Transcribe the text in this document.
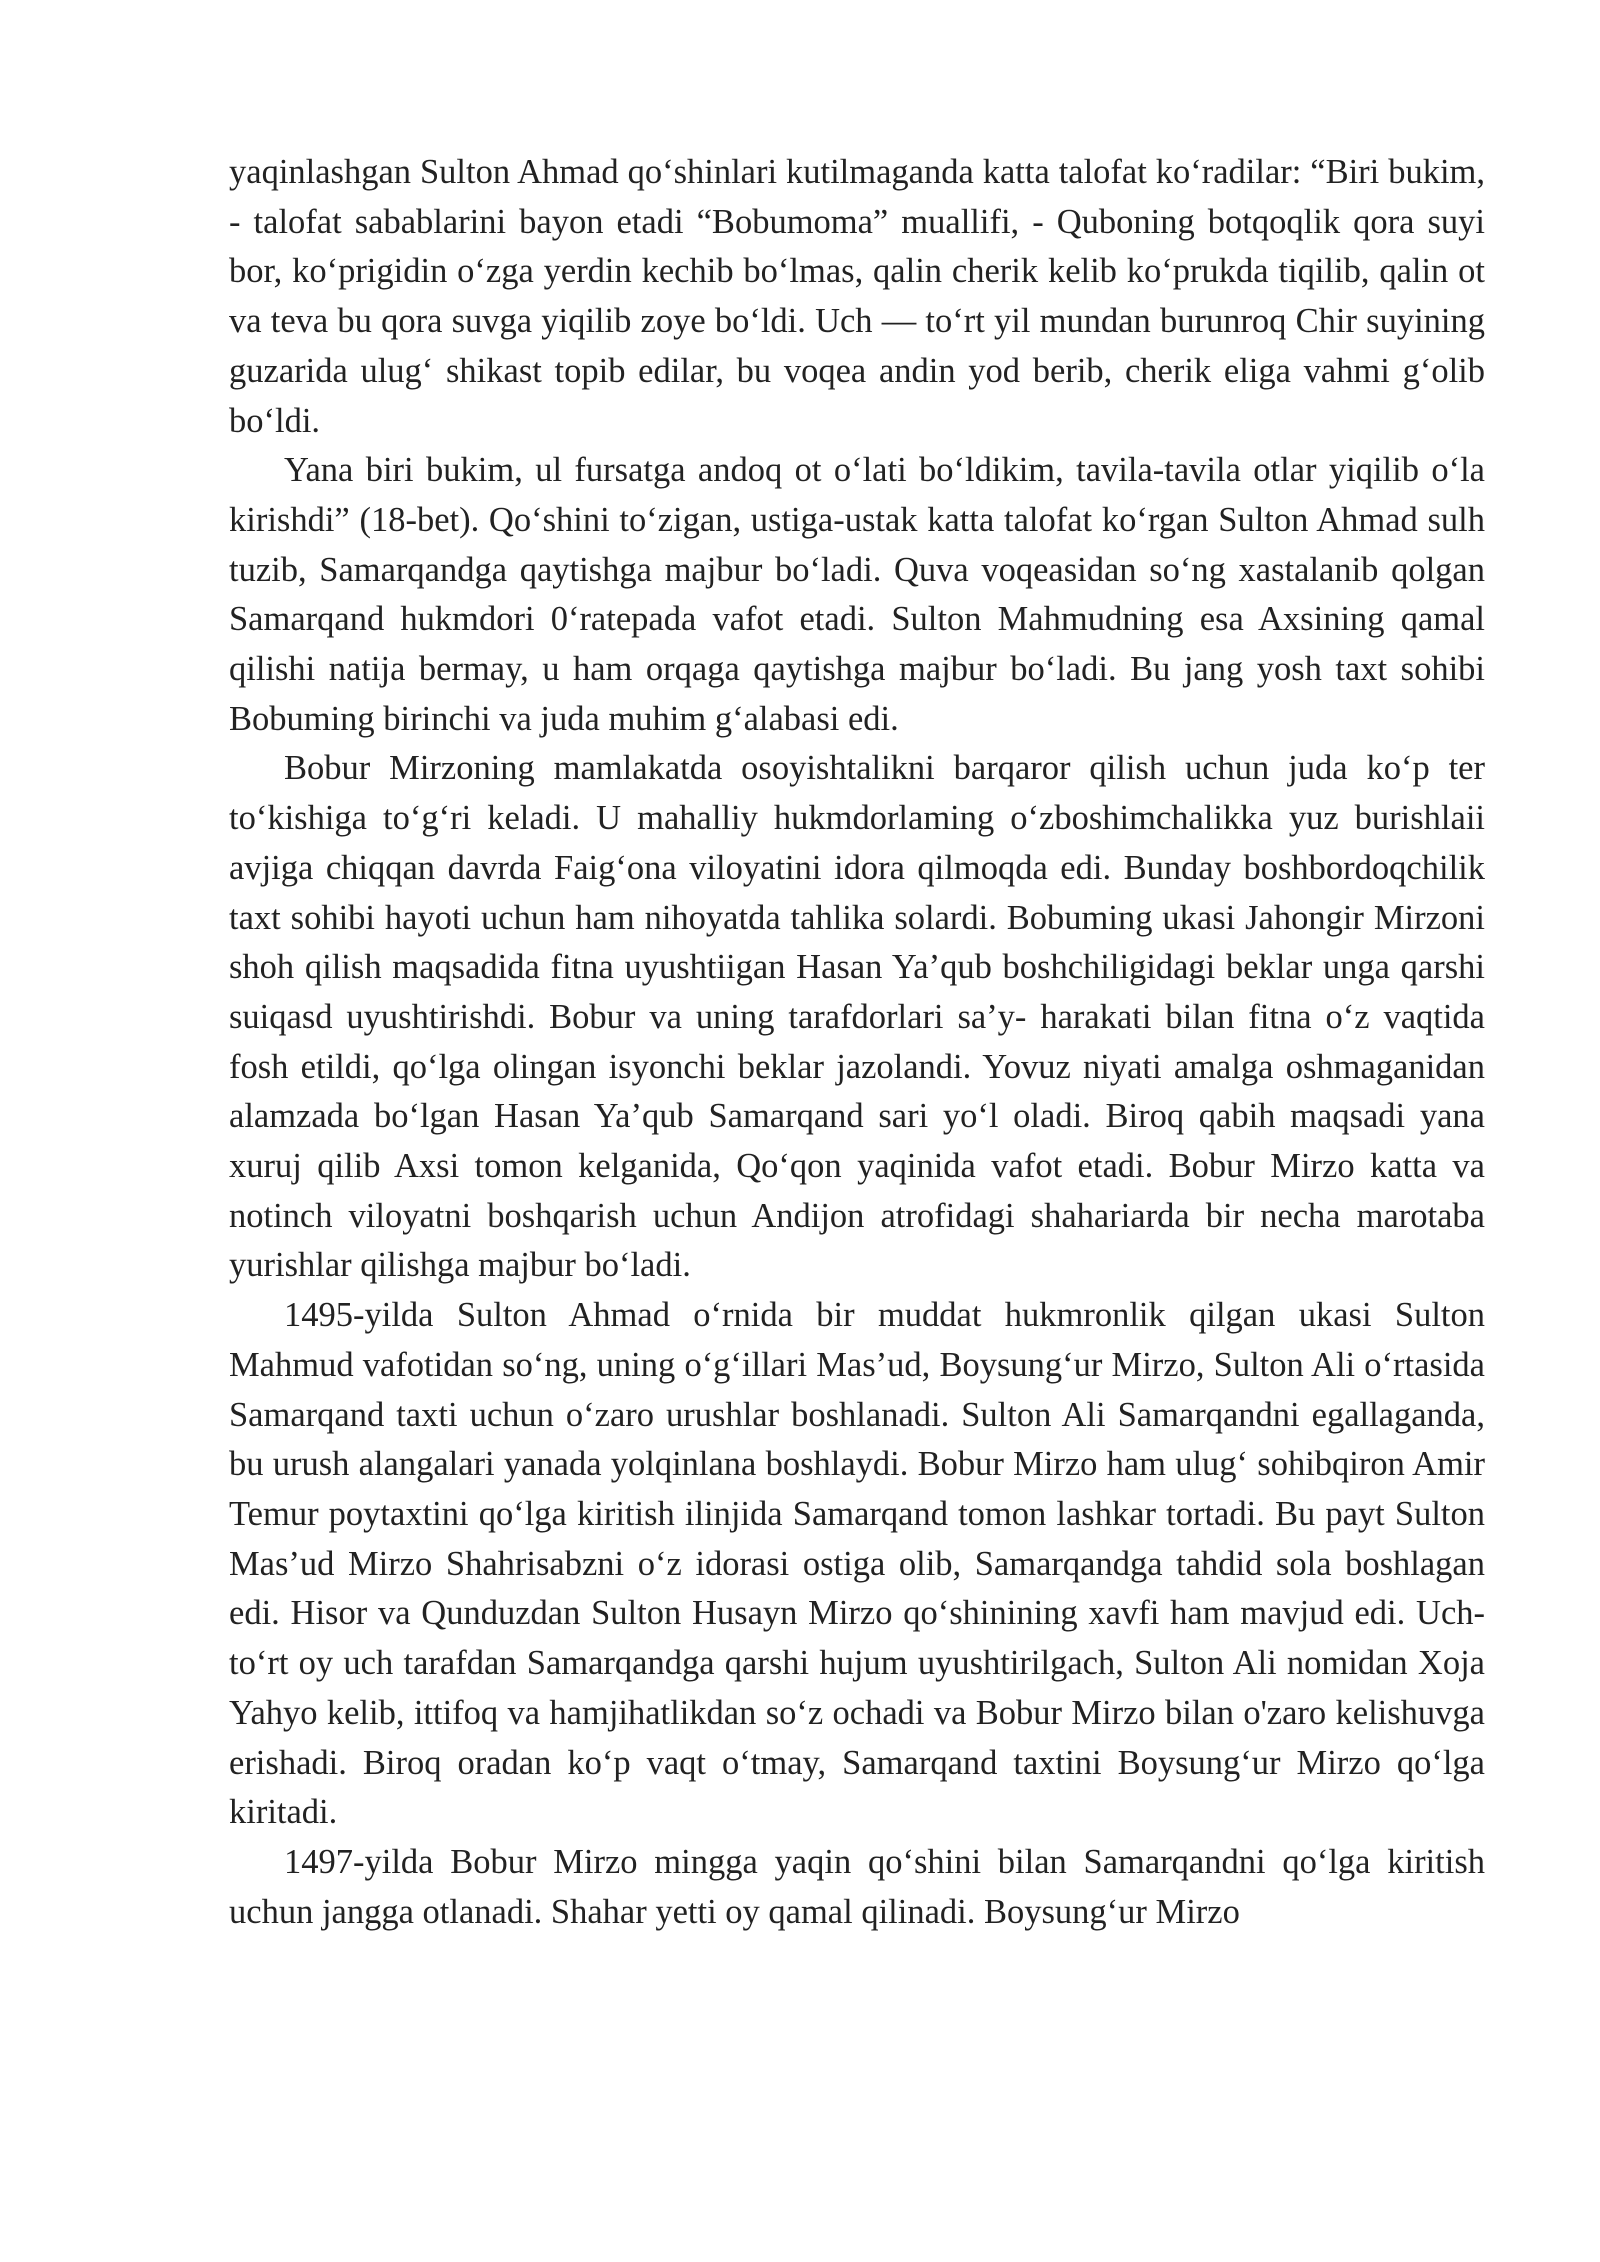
yaqinlashgan Sulton Ahmad qoʻshinlari kutilmaganda katta talofat koʻradilar: “Biri bukim, - talofat sabablarini bayon etadi “Bobumoma” muallifi, - Quboning botqoqlik qora suyi bor, koʻprigidin oʻzga yerdin kechib boʻlmas, qalin cherik kelib koʻprukda tiqilib, qalin ot va teva bu qora suvga yiqilib zoye boʻldi. Uch — toʻrt yil mundan burunroq Chir suyining guzarida ulugʻ shikast topib edilar, bu voqea andin yod berib, cherik eliga vahmi gʻolib boʻldi.

Yana biri bukim, ul fursatga andoq ot oʻlati boʻldikim, tavila-tavila otlar yiqilib oʻla kirishdi” (18-bet). Qoʻshini toʻzigan, ustiga-ustak katta talofat koʻrgan Sulton Ahmad sulh tuzib, Samarqandga qaytishga majbur boʻladi. Quva voqeasidan soʻng xastalanib qolgan Samarqand hukmdori 0ʻratepada vafot etadi. Sulton Mahmudning esa Axsining qamal qilishi natija bermay, u ham orqaga qaytishga majbur boʻladi. Bu jang yosh taxt sohibi Bobuming birinchi va juda muhim gʻalabasi edi.

Bobur Mirzoning mamlakatda osoyishtalikni barqaror qilish uchun juda koʻp ter toʻkishiga toʻgʻri keladi. U mahalliy hukmdorlaming oʻzboshimchalikka yuz burishlaii avjiga chiqqan davrda Faigʻona viloyatini idora qilmoqda edi. Bunday boshbordoqchilik taxt sohibi hayoti uchun ham nihoyatda tahlika solardi. Bobuming ukasi Jahongir Mirzoni shoh qilish maqsadida fitna uyushtiigan Hasan Ya’qub boshchiligidagi beklar unga qarshi suiqasd uyushtirishdi. Bobur va uning tarafdorlari sa’y- harakati bilan fitna oʻz vaqtida fosh etildi, qoʻlga olingan isyonchi beklar jazolandi. Yovuz niyati amalga oshmaganidan alamzada boʻlgan Hasan Ya’qub Samarqand sari yoʻl oladi. Biroq qabih maqsadi yana xuruj qilib Axsi tomon kelganida, Qoʻqon yaqinida vafot etadi. Bobur Mirzo katta va notinch viloyatni boshqarish uchun Andijon atrofidagi shahariarda bir necha marotaba yurishlar qilishga majbur boʻladi.

1495-yilda Sulton Ahmad oʻrnida bir muddat hukmronlik qilgan ukasi Sulton Mahmud vafotidan soʻng, uning oʻgʻillari Mas’ud, Boysungʻur Mirzo, Sulton Ali oʻrtasida Samarqand taxti uchun oʻzaro urushlar boshlanadi. Sulton Ali Samarqandni egallaganda, bu urush alangalari yanada yolqinlana boshlaydi. Bobur Mirzo ham ulugʻ sohibqiron Amir Temur poytaxtini qoʻlga kiritish ilinjida Samarqand tomon lashkar tortadi. Bu payt Sulton Mas’ud Mirzo Shahrisabzni oʻz idorasi ostiga olib, Samarqandga tahdid sola boshlagan edi. Hisor va Qunduzdan Sulton Husayn Mirzo qoʻshinining xavfi ham mavjud edi. Uch-toʻrt oy uch tarafdan Samarqandga qarshi hujum uyushtirilgach, Sulton Ali nomidan Xoja Yahyo kelib, ittifoq va hamjihatlikdan soʻz ochadi va Bobur Mirzo bilan o'zaro kelishuvga erishadi. Biroq oradan koʻp vaqt oʻtmay, Samarqand taxtini Boysungʻur Mirzo qoʻlga kiritadi.

1497-yilda Bobur Mirzo mingga yaqin qoʻshini bilan Samarqandni qoʻlga kiritish uchun jangga otlanadi. Shahar yetti oy qamal qilinadi. Boysungʻur Mirzo
